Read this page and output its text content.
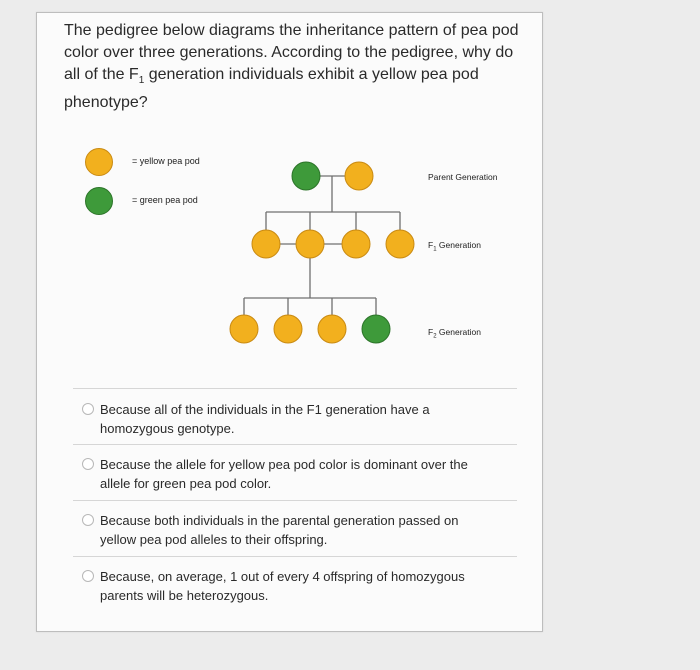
The pedigree below diagrams the inheritance pattern of pea pod color over three generations. According to the pedigree, why do all of the $F_1$ generation individuals exhibit a yellow pea pod phenotype?
= yellow pea pod
= green pea pod
Parent Generation
$F_1$ Generation
$F_2$ Generation
Because all of the individuals in the F1 generation have a homozygous genotype.
Because the allele for yellow pea pod color is dominant over the allele for green pea pod color.
Because both individuals in the parental generation passed on yellow pea pod alleles to their offspring.
Because, on average, 1 out of every 4 offspring of homozygous parents will be heterozygous.
